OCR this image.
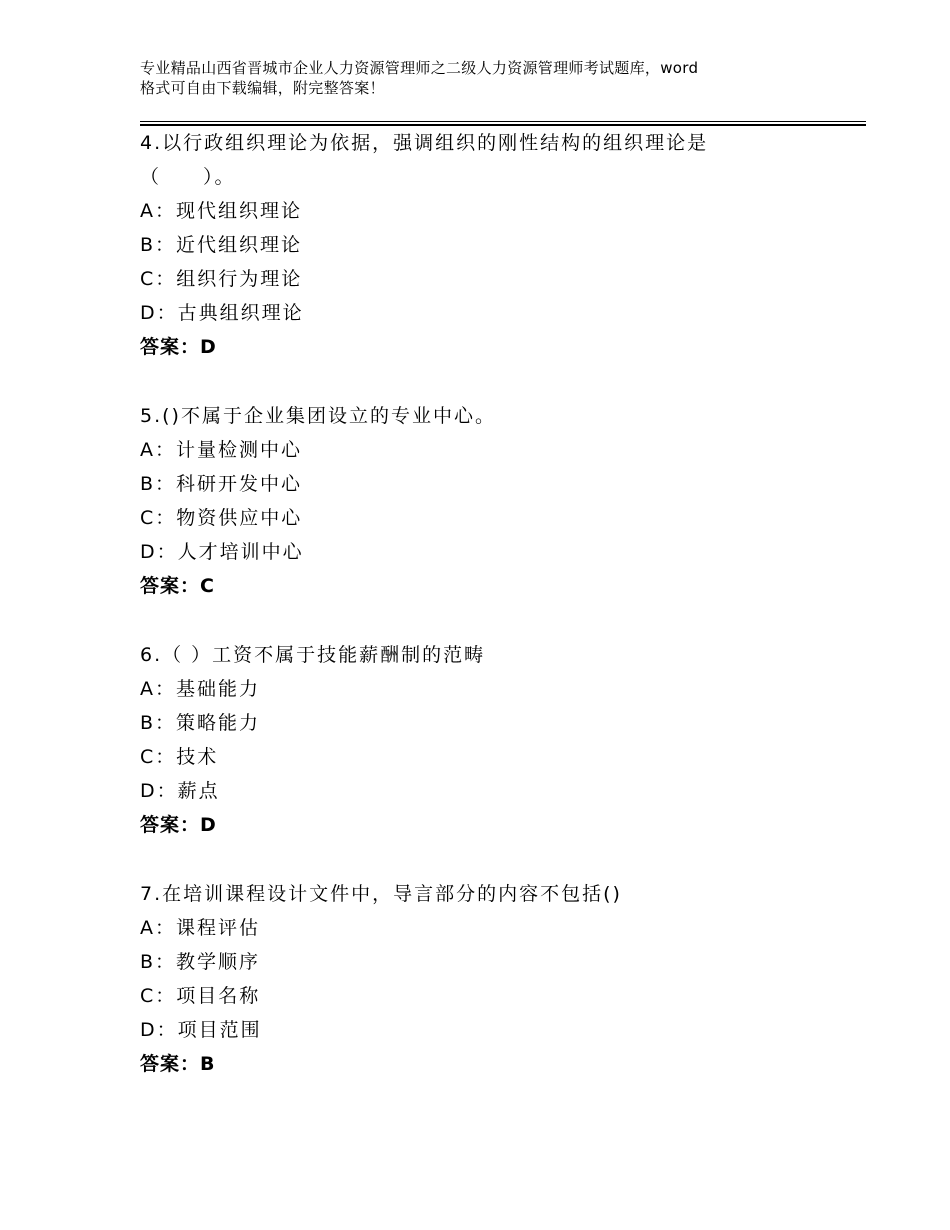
专业精品山西省晋城市企业人力资源管理师之二级人力资源管理师考试题库，word
格式可自由下载编辑，附完整答案！
4.以行政组织理论为依据，强调组织的刚性结构的组织理论是
（　　）。
A：现代组织理论
B：近代组织理论
C：组织行为理论
D：古典组织理论
答案：D
5.()不属于企业集团设立的专业中心。
A：计量检测中心
B：科研开发中心
C：物资供应中心
D：人才培训中心
答案：C
6.（ ）工资不属于技能薪酬制的范畴
A：基础能力
B：策略能力
C：技术
D：薪点
答案：D
7.在培训课程设计文件中，导言部分的内容不包括()
A：课程评估
B：教学顺序
C：项目名称
D：项目范围
答案：B
